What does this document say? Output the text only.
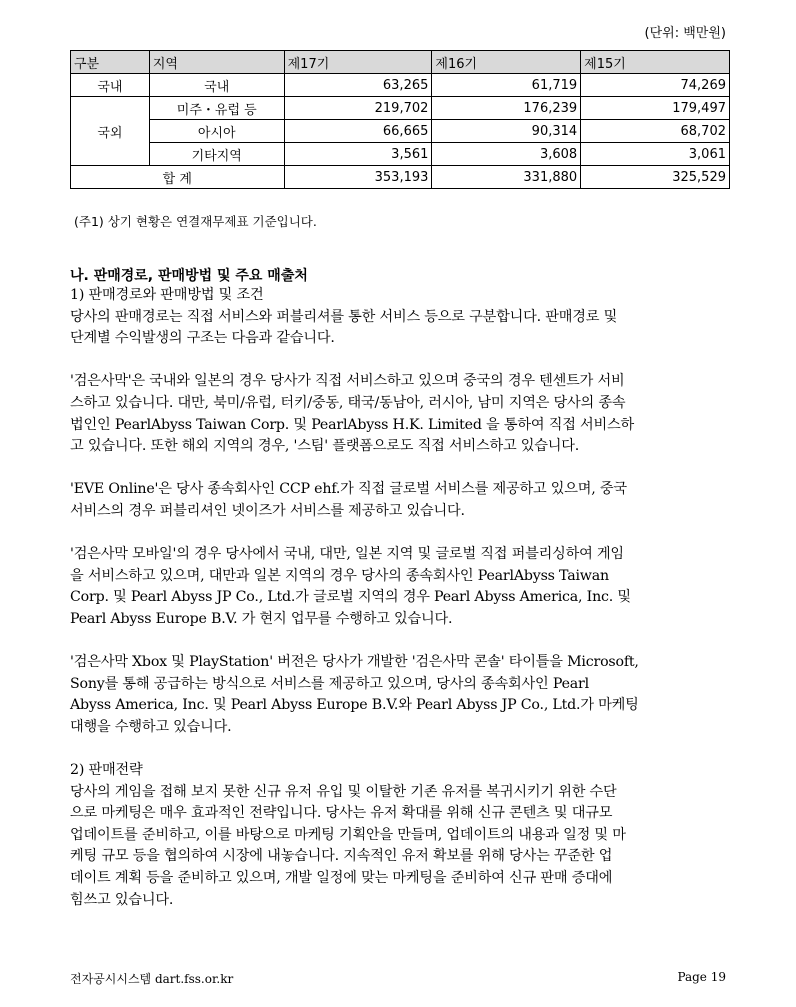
(단위: 백만원)
구분	지역	제17기	제16기	제15기
국내	국내	63,265	61,719	74,269
국외	미주・유럽 등	219,702	176,239	179,497
	아시아	66,665	90,314	68,702
	기타지역	3,561	3,608	3,061
합 계		353,193	331,880	325,529
(주1) 상기 현황은 연결재무제표 기준입니다.
나. 판매경로, 판매방법 및 주요 매출처

1) 판매경로와 판매방법 및 조건

당사의 판매경로는 직접 서비스와 퍼블리셔를 통한 서비스 등으로 구분합니다. 판매경로 및

단계별 수익발생의 구조는 다음과 같습니다.

'검은사막'은 국내와 일본의 경우 당사가 직접 서비스하고 있으며 중국의 경우 텐센트가 서비

스하고 있습니다. 대만, 북미/유럽, 터키/중동, 태국/동남아, 러시아, 남미 지역은 당사의 종속

법인인 PearlAbyss Taiwan Corp. 및 PearlAbyss H.K. Limited 을 통하여 직접 서비스하

고 있습니다. 또한 해외 지역의 경우, '스팀' 플랫폼으로도 직접 서비스하고 있습니다.

'EVE Online'은 당사 종속회사인 CCP ehf.가 직접 글로벌 서비스를 제공하고 있으며, 중국

서비스의 경우 퍼블리셔인 넷이즈가 서비스를 제공하고 있습니다.

'검은사막 모바일'의 경우 당사에서 국내, 대만, 일본 지역 및 글로벌 직접 퍼블리싱하여 게임

을 서비스하고 있으며, 대만과 일본 지역의 경우 당사의 종속회사인 PearlAbyss Taiwan

Corp. 및 Pearl Abyss JP Co., Ltd.가 글로벌 지역의 경우 Pearl Abyss America, Inc. 및

Pearl Abyss Europe B.V. 가 현지 업무를 수행하고 있습니다.

'검은사막 Xbox 및 PlayStation' 버전은 당사가 개발한 '검은사막 콘솔' 타이틀을 Microsoft,

Sony를 통해 공급하는 방식으로 서비스를 제공하고 있으며, 당사의 종속회사인 Pearl

Abyss America, Inc. 및 Pearl Abyss Europe B.V.와 Pearl Abyss JP Co., Ltd.가 마케팅

대행을 수행하고 있습니다.

2) 판매전략

당사의 게임을 접해 보지 못한 신규 유저 유입 및 이탈한 기존 유저를 복귀시키기 위한 수단

으로 마케팅은 매우 효과적인 전략입니다. 당사는 유저 확대를 위해 신규 콘텐츠 및 대규모

업데이트를 준비하고, 이를 바탕으로 마케팅 기획안을 만들며, 업데이트의 내용과 일정 및 마

케팅 규모 등을 협의하여 시장에 내놓습니다. 지속적인 유저 확보를 위해 당사는 꾸준한 업

데이트 계획 등을 준비하고 있으며, 개발 일정에 맞는 마케팅을 준비하여 신규 판매 증대에

힘쓰고 있습니다.

전자공시시스템 dart.fss.or.kr	Page 19
